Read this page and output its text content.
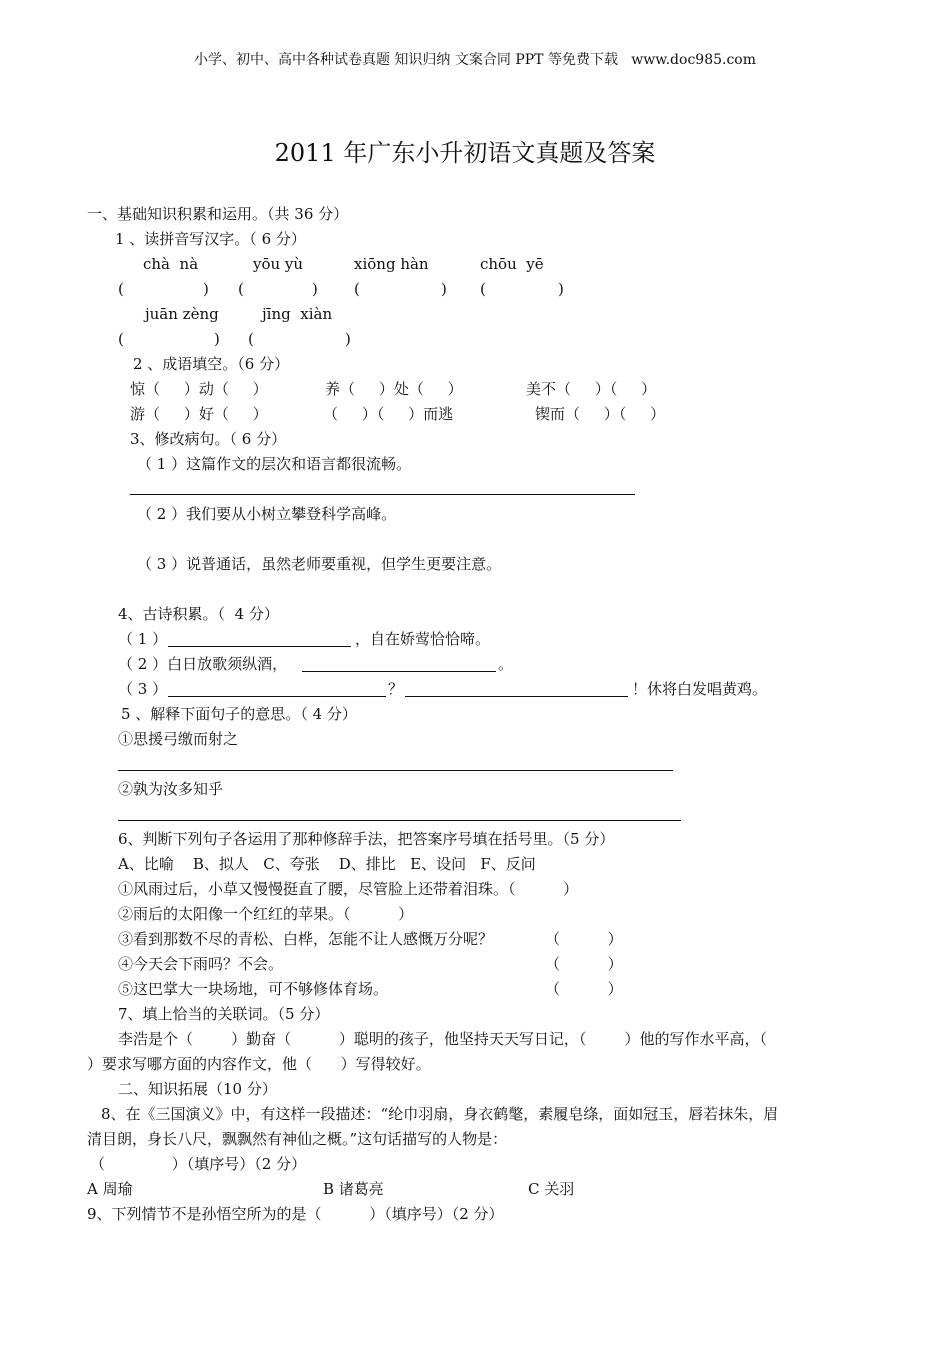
小学、初中、高中各种试卷真题 知识归纳 文案合同 PPT 等免费下载   www.doc985.com
2011 年广东小升初语文真题及答案
一、基础知识积累和运用。（共 36 分）
1 、读拼音写汉字。（ 6 分）
chà  nà	yōu yù	xiōng hàn	chōu  yē
(	) (	) (	) (	)
juān zèng	jīng  xiàn
(	) (	)
2 、成语填空。（6 分）
惊（     ）动（     ）	养（     ）处（     ）	美不（     ）（     ）
游（     ）好（     ）	（     ）（     ）而逃	锲而（     ）（     ）
3、修改病句。（ 6 分）
（ 1 ）这篇作文的层次和语言都很流畅。
（ 2 ）我们要从小树立攀登科学高峰。
（ 3 ）说普通话，虽然老师要重视，但学生更要注意。
4、古诗积累。（  4 分）
（ 1 ）	，自在娇莺恰恰啼。
（ 2 ）白日放歌须纵酒，	。
（ 3 ）	？	！休将白发唱黄鸡。
5 、解释下面句子的意思。（ 4 分）
①思援弓缴而射之
②孰为汝多知乎
6、判断下列句子各运用了那种修辞手法，把答案序号填在括号里。（5 分）
A、比喻    B、拟人   C、夸张    D、排比   E、设问   F、反问
①风雨过后，小草又慢慢挺直了腰，尽管脸上还带着泪珠。（          ）
②雨后的太阳像一个红红的苹果。（          ）
③看到那数不尽的青松、白桦，怎能不让人感慨万分呢？	（          ）
④今天会下雨吗？不会。	（          ）
⑤这巴掌大一块场地，可不够修体育场。	（          ）
7、填上恰当的关联词。（5 分）
李浩是个（        ）勤奋（          ）聪明的孩子，他坚持天天写日记，（        ）他的写作水平高，（
）要求写哪方面的内容作文，他（      ）写得较好。
二、知识拓展（10 分）
8、在《三国演义》中，有这样一段描述：“纶巾羽扇，身衣鹤氅，素履皂绦，面如冠玉，唇若抹朱，眉
清目朗，身长八尺，飘飘然有神仙之概。”这句话描写的人物是：
（              ）（填序号）（2 分）
A 周瑜	B 诸葛亮	C 关羽
9、下列情节不是孙悟空所为的是（          ）（填序号）（2 分）
